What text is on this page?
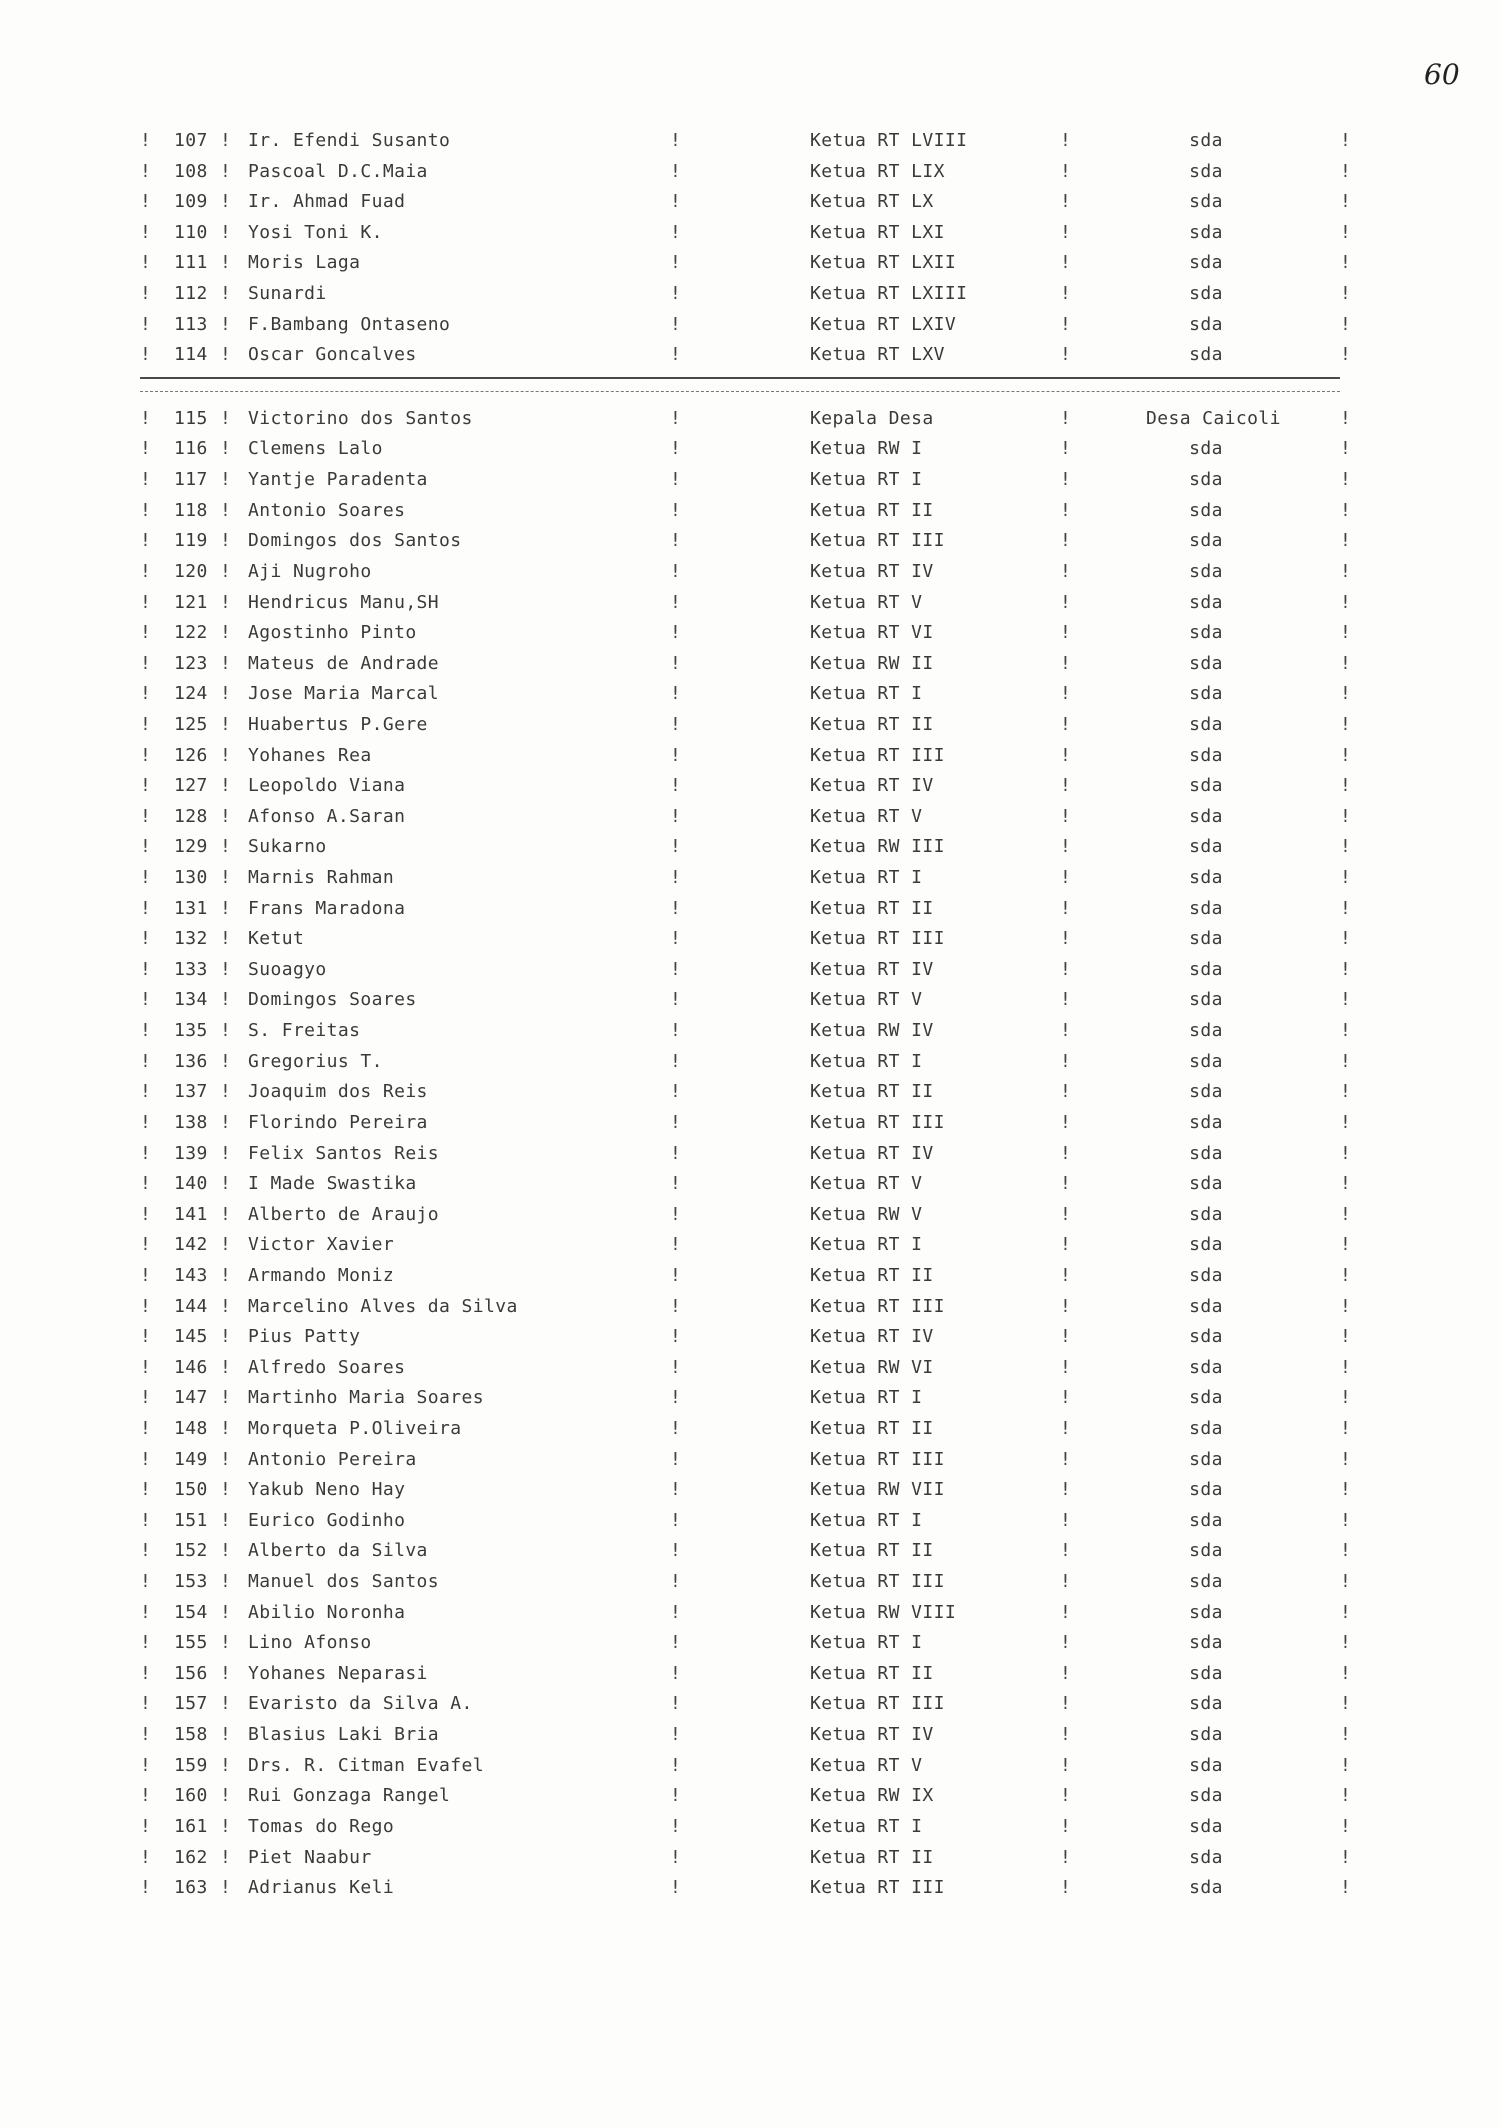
60
! 107 ! Ir. Efendi Susanto	!	Ketua RT LVIII	!	sda	!
! 108 ! Pascoal D.C.Maia	!	Ketua RT LIX	!	sda	!
! 109 ! Ir. Ahmad Fuad	!	Ketua RT LX	!	sda	!
! 110 ! Yosi Toni K.	!	Ketua RT LXI	!	sda	!
! 111 ! Moris Laga	!	Ketua RT LXII	!	sda	!
! 112 ! Sunardi	!	Ketua RT LXIII	!	sda	!
! 113 ! F.Bambang Ontaseno	!	Ketua RT LXIV	!	sda	!
! 114 ! Oscar Goncalves	!	Ketua RT LXV	!	sda	!
! 115 ! Victorino dos Santos	!	Kepala Desa	!	Desa Caicoli	!
! 116 ! Clemens Lalo	!	Ketua RW I	!	sda	!
! 117 ! Yantje Paradenta	!	Ketua RT I	!	sda	!
! 118 ! Antonio Soares	!	Ketua RT II	!	sda	!
! 119 ! Domingos dos Santos	!	Ketua RT III	!	sda	!
! 120 ! Aji Nugroho	!	Ketua RT IV	!	sda	!
! 121 ! Hendricus Manu,SH	!	Ketua RT V	!	sda	!
! 122 ! Agostinho Pinto	!	Ketua RT VI	!	sda	!
! 123 ! Mateus de Andrade	!	Ketua RW II	!	sda	!
! 124 ! Jose Maria Marcal	!	Ketua RT I	!	sda	!
! 125 ! Huabertus P.Gere	!	Ketua RT II	!	sda	!
! 126 ! Yohanes Rea	!	Ketua RT III	!	sda	!
! 127 ! Leopoldo Viana	!	Ketua RT IV	!	sda	!
! 128 ! Afonso A.Saran	!	Ketua RT V	!	sda	!
! 129 ! Sukarno	!	Ketua RW III	!	sda	!
! 130 ! Marnis Rahman	!	Ketua RT I	!	sda	!
! 131 ! Frans Maradona	!	Ketua RT II	!	sda	!
! 132 ! Ketut	!	Ketua RT III	!	sda	!
! 133 ! Suoagyo	!	Ketua RT IV	!	sda	!
! 134 ! Domingos Soares	!	Ketua RT V	!	sda	!
! 135 ! S. Freitas	!	Ketua RW IV	!	sda	!
! 136 ! Gregorius T.	!	Ketua RT I	!	sda	!
! 137 ! Joaquim dos Reis	!	Ketua RT II	!	sda	!
! 138 ! Florindo Pereira	!	Ketua RT III	!	sda	!
! 139 ! Felix Santos Reis	!	Ketua RT IV	!	sda	!
! 140 ! I Made Swastika	!	Ketua RT V	!	sda	!
! 141 ! Alberto de Araujo	!	Ketua RW V	!	sda	!
! 142 ! Victor Xavier	!	Ketua RT I	!	sda	!
! 143 ! Armando Moniz	!	Ketua RT II	!	sda	!
! 144 ! Marcelino Alves da Silva	!	Ketua RT III	!	sda	!
! 145 ! Pius Patty	!	Ketua RT IV	!	sda	!
! 146 ! Alfredo Soares	!	Ketua RW VI	!	sda	!
! 147 ! Martinho Maria Soares	!	Ketua RT I	!	sda	!
! 148 ! Morqueta P.Oliveira	!	Ketua RT II	!	sda	!
! 149 ! Antonio Pereira	!	Ketua RT III	!	sda	!
! 150 ! Yakub Neno Hay	!	Ketua RW VII	!	sda	!
! 151 ! Eurico Godinho	!	Ketua RT I	!	sda	!
! 152 ! Alberto da Silva	!	Ketua RT II	!	sda	!
! 153 ! Manuel dos Santos	!	Ketua RT III	!	sda	!
! 154 ! Abilio Noronha	!	Ketua RW VIII	!	sda	!
! 155 ! Lino Afonso	!	Ketua RT I	!	sda	!
! 156 ! Yohanes Neparasi	!	Ketua RT II	!	sda	!
! 157 ! Evaristo da Silva A.	!	Ketua RT III	!	sda	!
! 158 ! Blasius Laki Bria	!	Ketua RT IV	!	sda	!
! 159 ! Drs. R. Citman Evafel	!	Ketua RT V	!	sda	!
! 160 ! Rui Gonzaga Rangel	!	Ketua RW IX	!	sda	!
! 161 ! Tomas do Rego	!	Ketua RT I	!	sda	!
! 162 ! Piet Naabur	!	Ketua RT II	!	sda	!
! 163 ! Adrianus Keli	!	Ketua RT III	!	sda	!
